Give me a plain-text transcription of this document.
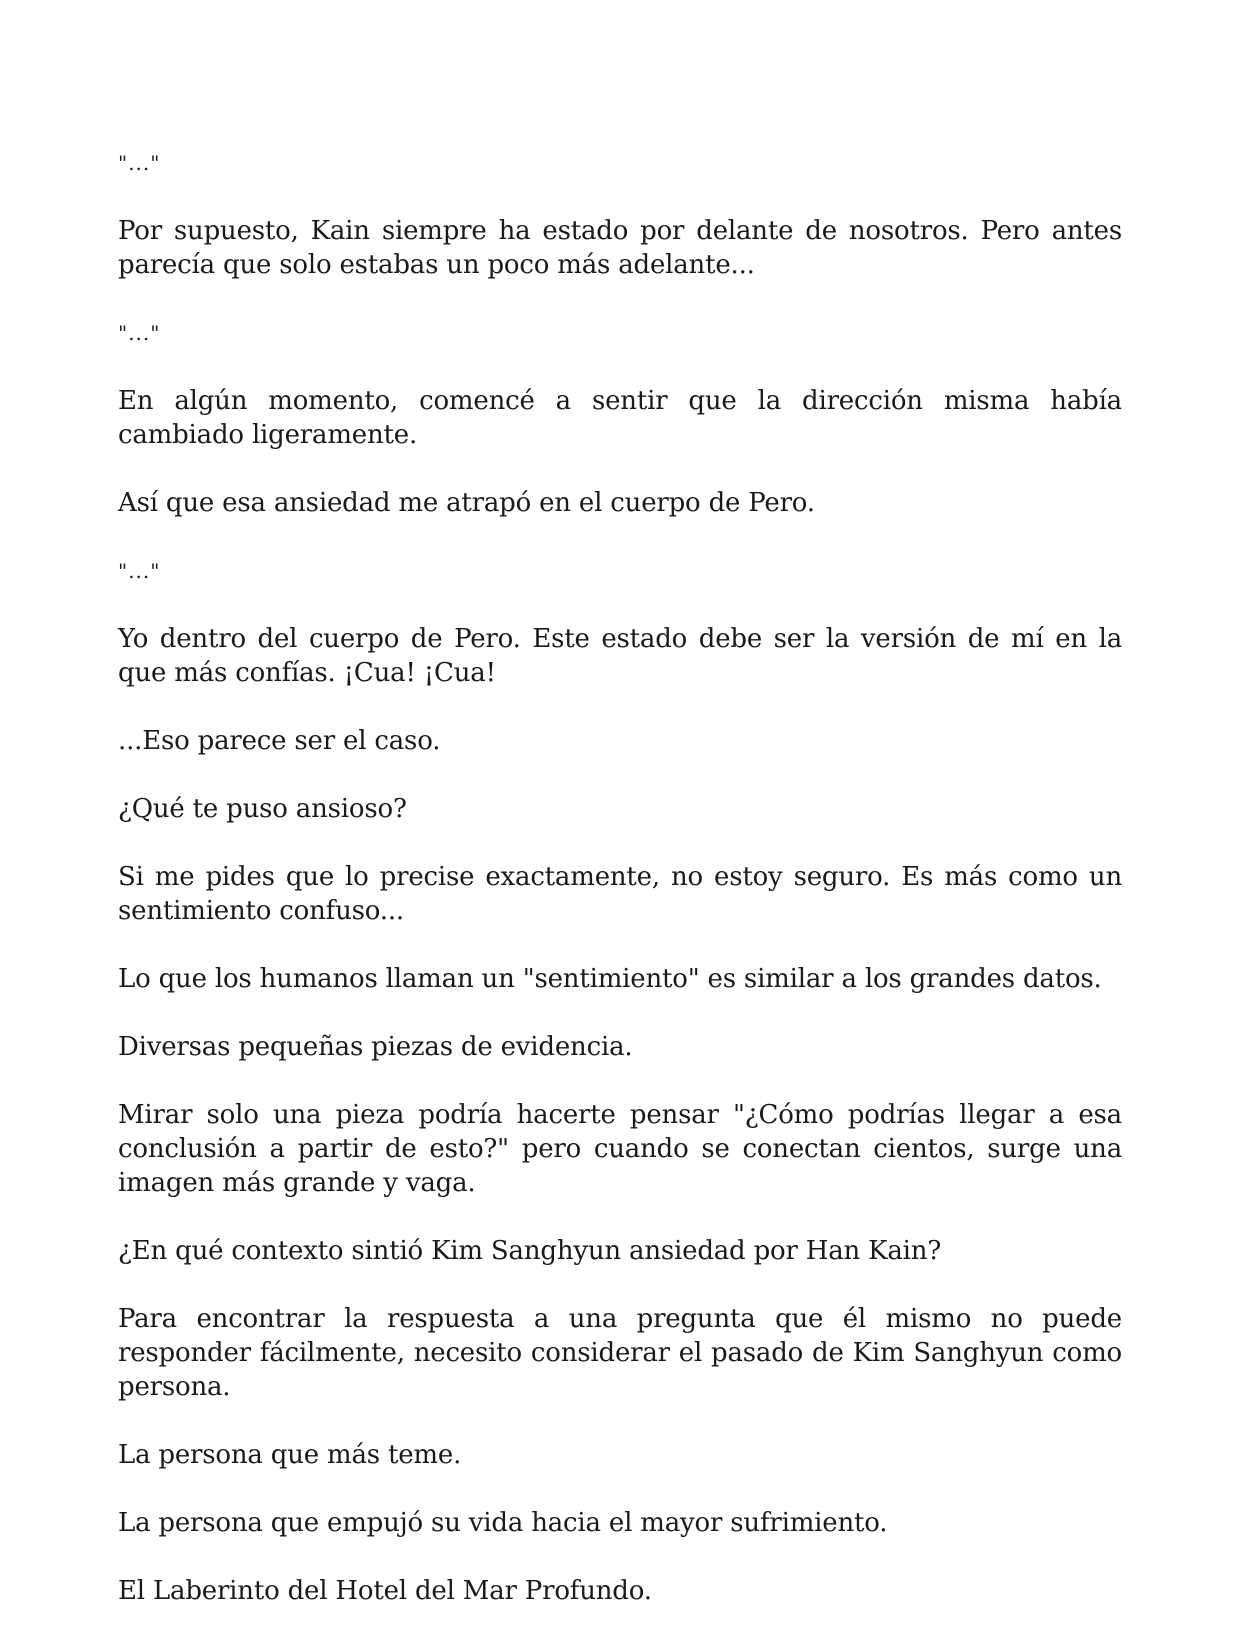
"..."

Por supuesto, Kain siempre ha estado por delante de nosotros. Pero antes parecía que solo estabas un poco más adelante...

"..."

En algún momento, comencé a sentir que la dirección misma había cambiado ligeramente.

Así que esa ansiedad me atrapó en el cuerpo de Pero.

"..."

Yo dentro del cuerpo de Pero. Este estado debe ser la versión de mí en la que más confías. ¡Cua! ¡Cua!

...Eso parece ser el caso.

¿Qué te puso ansioso?

Si me pides que lo precise exactamente, no estoy seguro. Es más como un sentimiento confuso...

Lo que los humanos llaman un "sentimiento" es similar a los grandes datos.

Diversas pequeñas piezas de evidencia.

Mirar solo una pieza podría hacerte pensar "¿Cómo podrías llegar a esa conclusión a partir de esto?" pero cuando se conectan cientos, surge una imagen más grande y vaga.

¿En qué contexto sintió Kim Sanghyun ansiedad por Han Kain?

Para encontrar la respuesta a una pregunta que él mismo no puede responder fácilmente, necesito considerar el pasado de Kim Sanghyun como persona.

La persona que más teme.

La persona que empujó su vida hacia el mayor sufrimiento.

El Laberinto del Hotel del Mar Profundo.
